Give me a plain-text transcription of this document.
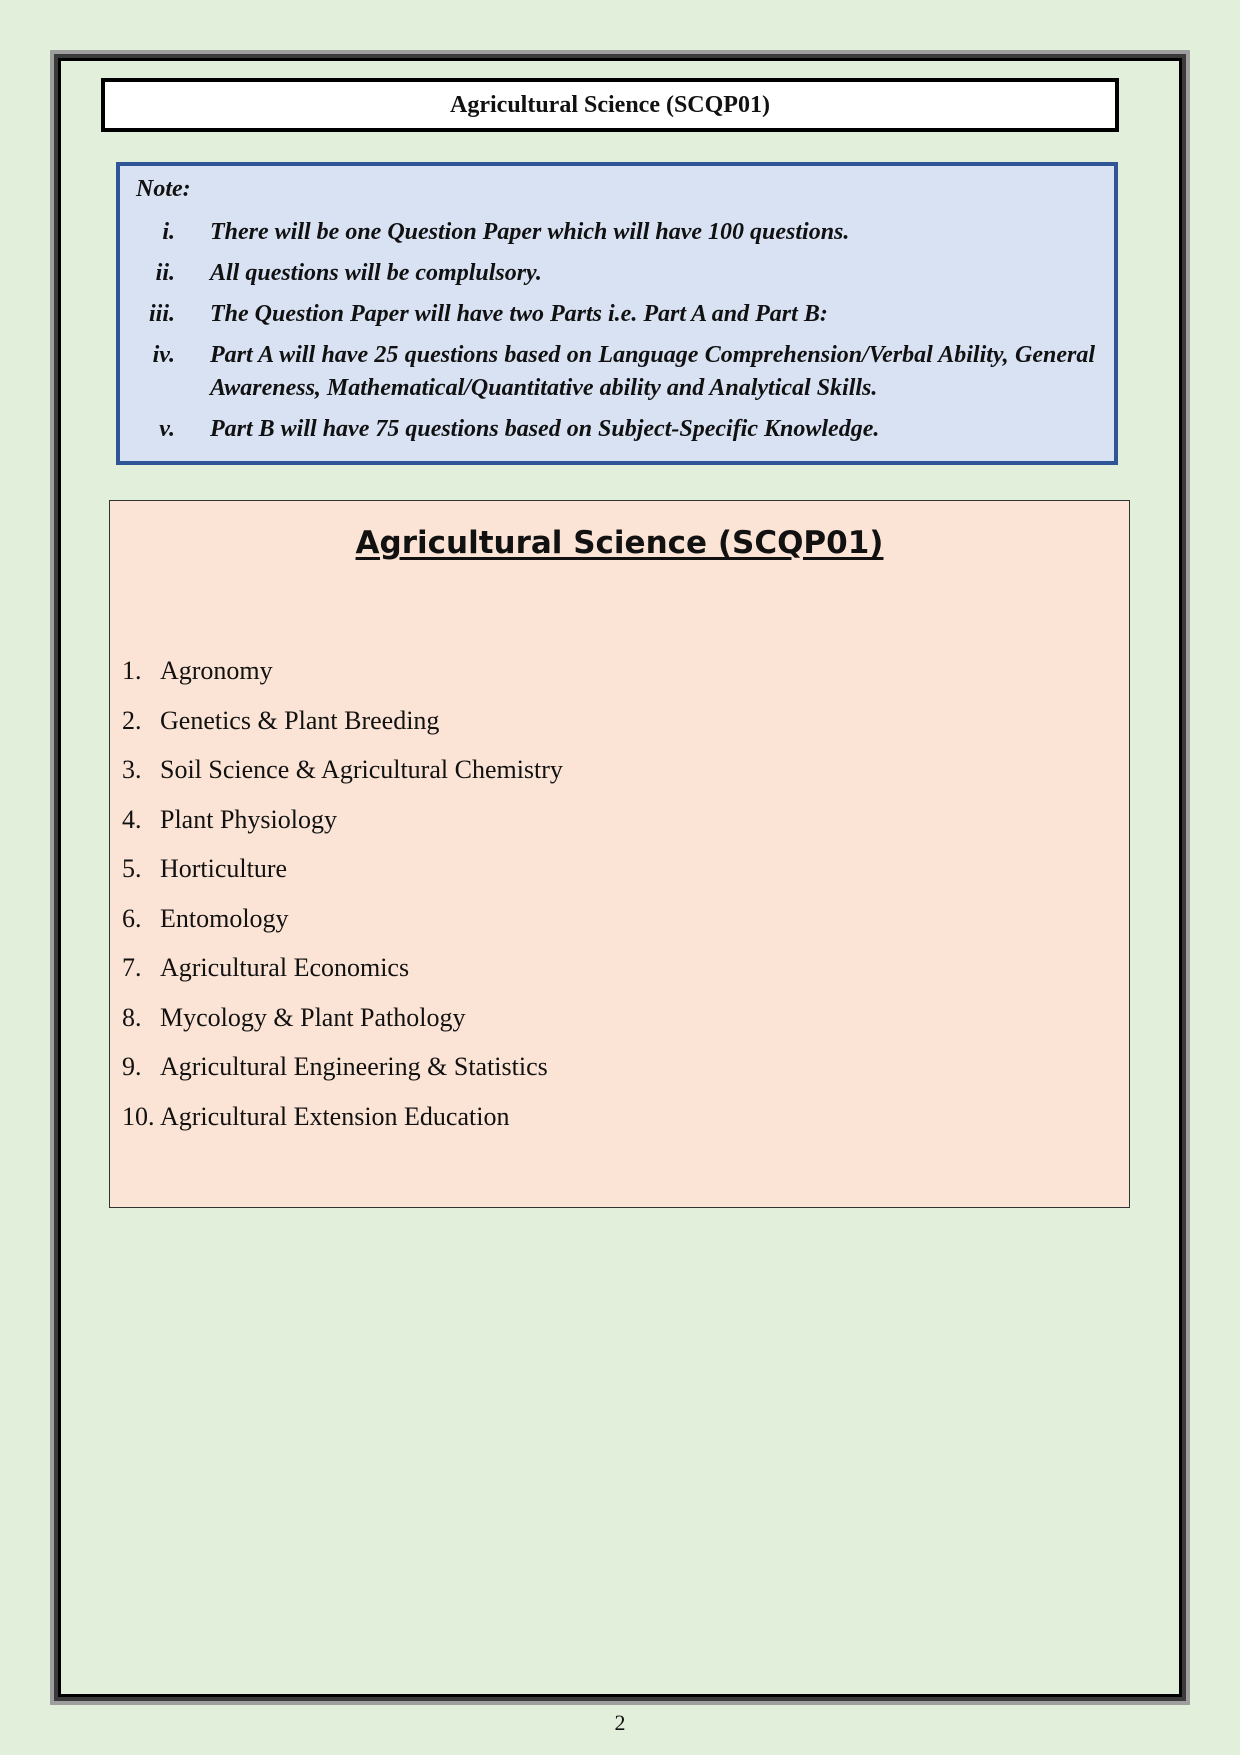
Agricultural Science (SCQP01)
Note:
i. There will be one Question Paper which will have 100 questions.
ii. All questions will be complulsory.
iii. The Question Paper will have two Parts i.e. Part A and Part B:
iv. Part A will have 25 questions based on Language Comprehension/Verbal Ability, General Awareness, Mathematical/Quantitative ability and Analytical Skills.
v. Part B will have 75 questions based on Subject-Specific Knowledge.
Agricultural Science (SCQP01)
1. Agronomy
2. Genetics & Plant Breeding
3. Soil Science & Agricultural Chemistry
4. Plant Physiology
5. Horticulture
6. Entomology
7. Agricultural Economics
8. Mycology & Plant Pathology
9. Agricultural Engineering & Statistics
10. Agricultural Extension Education
2
